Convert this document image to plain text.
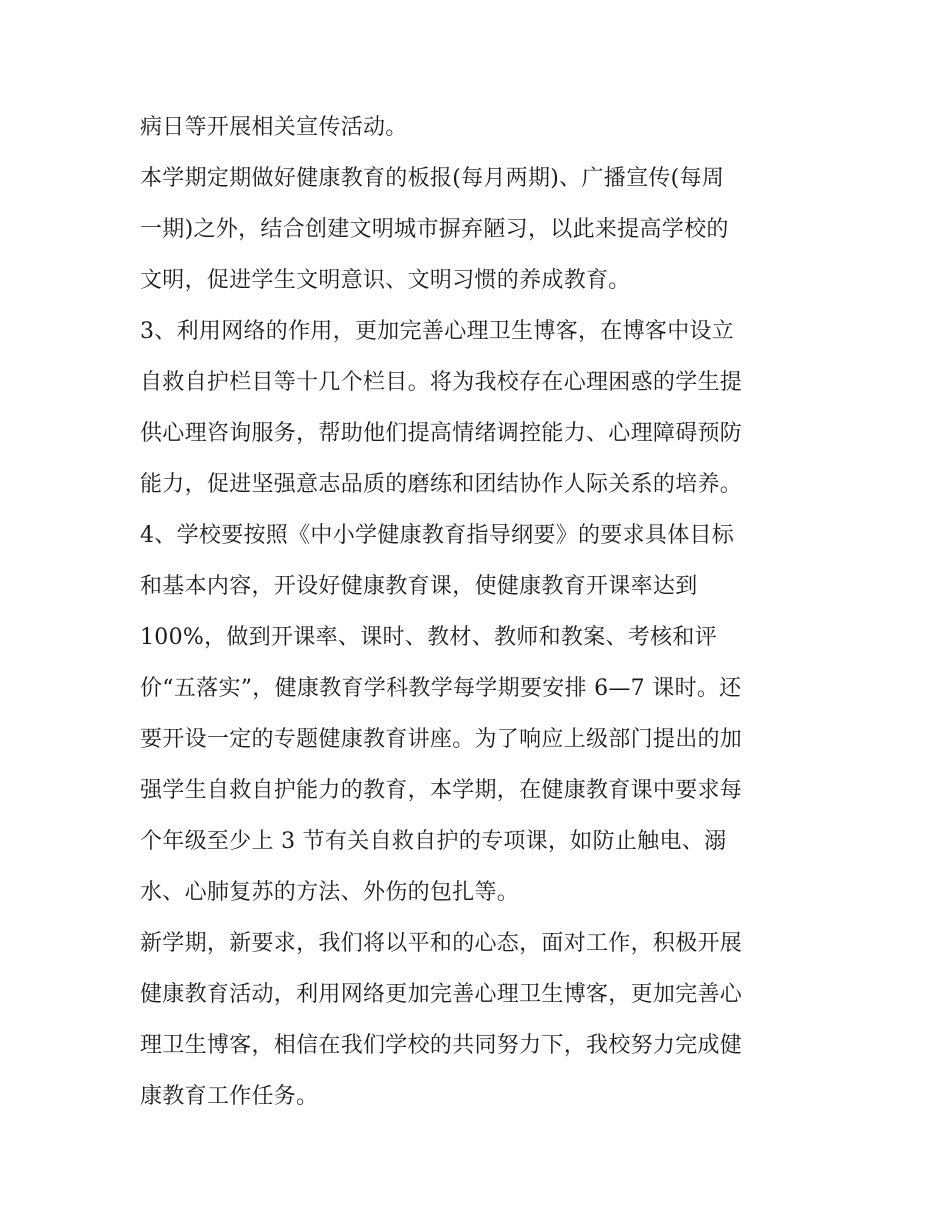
病日等开展相关宣传活动。
本学期定期做好健康教育的板报(每月两期)、广播宣传(每周
一期)之外，结合创建文明城市摒弃陋习，以此来提高学校的
文明，促进学生文明意识、文明习惯的养成教育。
3、利用网络的作用，更加完善心理卫生博客，在博客中设立
自救自护栏目等十几个栏目。将为我校存在心理困惑的学生提
供心理咨询服务，帮助他们提高情绪调控能力、心理障碍预防
能力，促进坚强意志品质的磨练和团结协作人际关系的培养。
4、学校要按照《中小学健康教育指导纲要》的要求具体目标
和基本内容，开设好健康教育课，使健康教育开课率达到
100%，做到开课率、课时、教材、教师和教案、考核和评
价“五落实”，健康教育学科教学每学期要安排 6—7 课时。还
要开设一定的专题健康教育讲座。为了响应上级部门提出的加
强学生自救自护能力的教育，本学期，在健康教育课中要求每
个年级至少上 3 节有关自救自护的专项课，如防止触电、溺
水、心肺复苏的方法、外伤的包扎等。
新学期，新要求，我们将以平和的心态，面对工作，积极开展
健康教育活动，利用网络更加完善心理卫生博客，更加完善心
理卫生博客，相信在我们学校的共同努力下，我校努力完成健
康教育工作任务。
